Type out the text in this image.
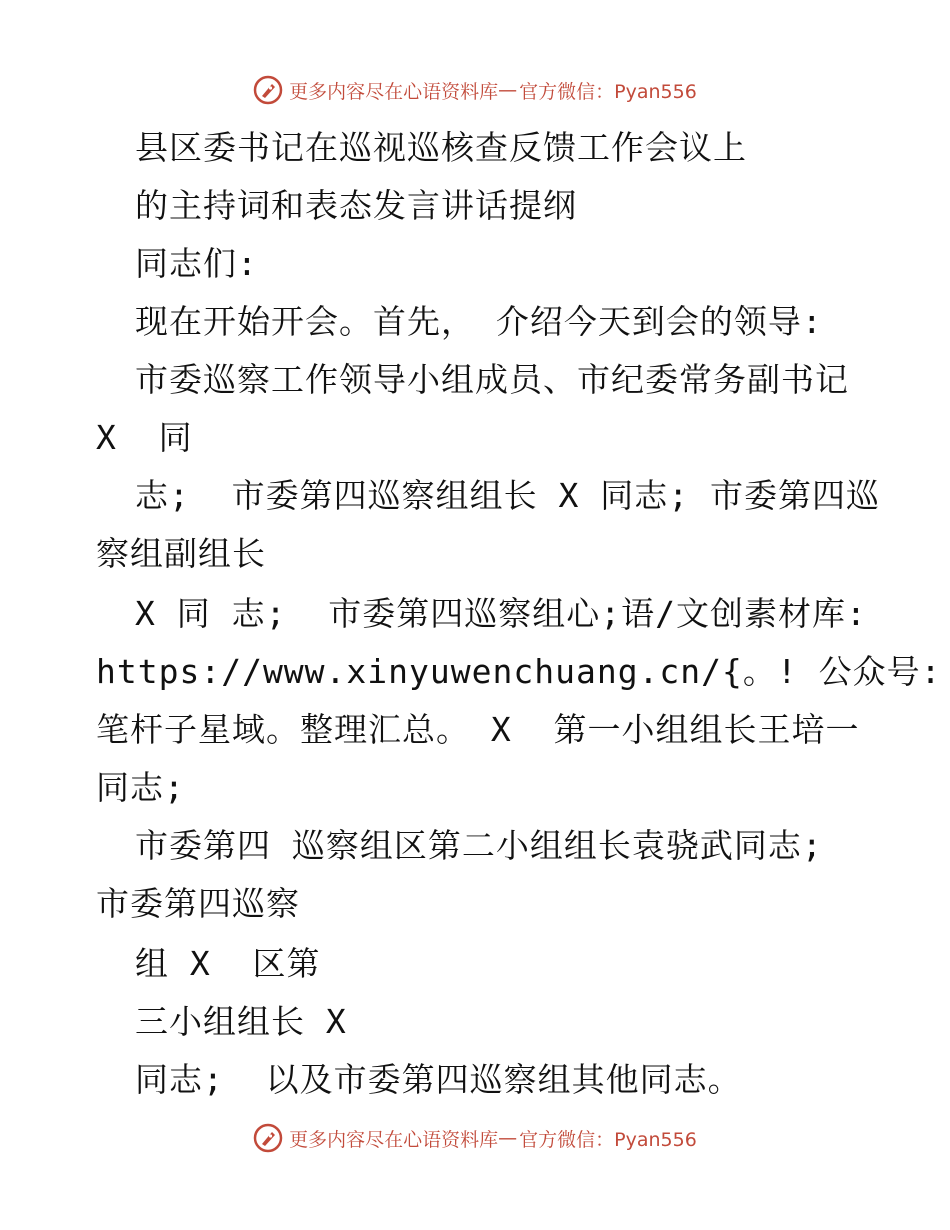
更多内容尽在心语资料库 — 官方微信：Pyan556
县区委书记在巡视巡核查反馈工作会议上
的主持词和表态发言讲话提纲
同志们:
现在开始开会。首先， 介绍今天到会的领导:
市委巡察工作领导小组成员、市纪委常务副书记
X  同
志;  市委第四巡察组组长 X 同志; 市委第四巡
察组副组长
X 同 志;  市委第四巡察组心;语/文创素材库:
https://www.xinyuwenchuang.cn/{。! 公众号:
笔杆子星域。整理汇总。 X  第一小组组长王培一
同志;
市委第四 巡察组区第二小组组长袁骁武同志;
市委第四巡察
组 X  区第
三小组组长 X
同志;  以及市委第四巡察组其他同志。
更多内容尽在心语资料库 — 官方微信：Pyan556
